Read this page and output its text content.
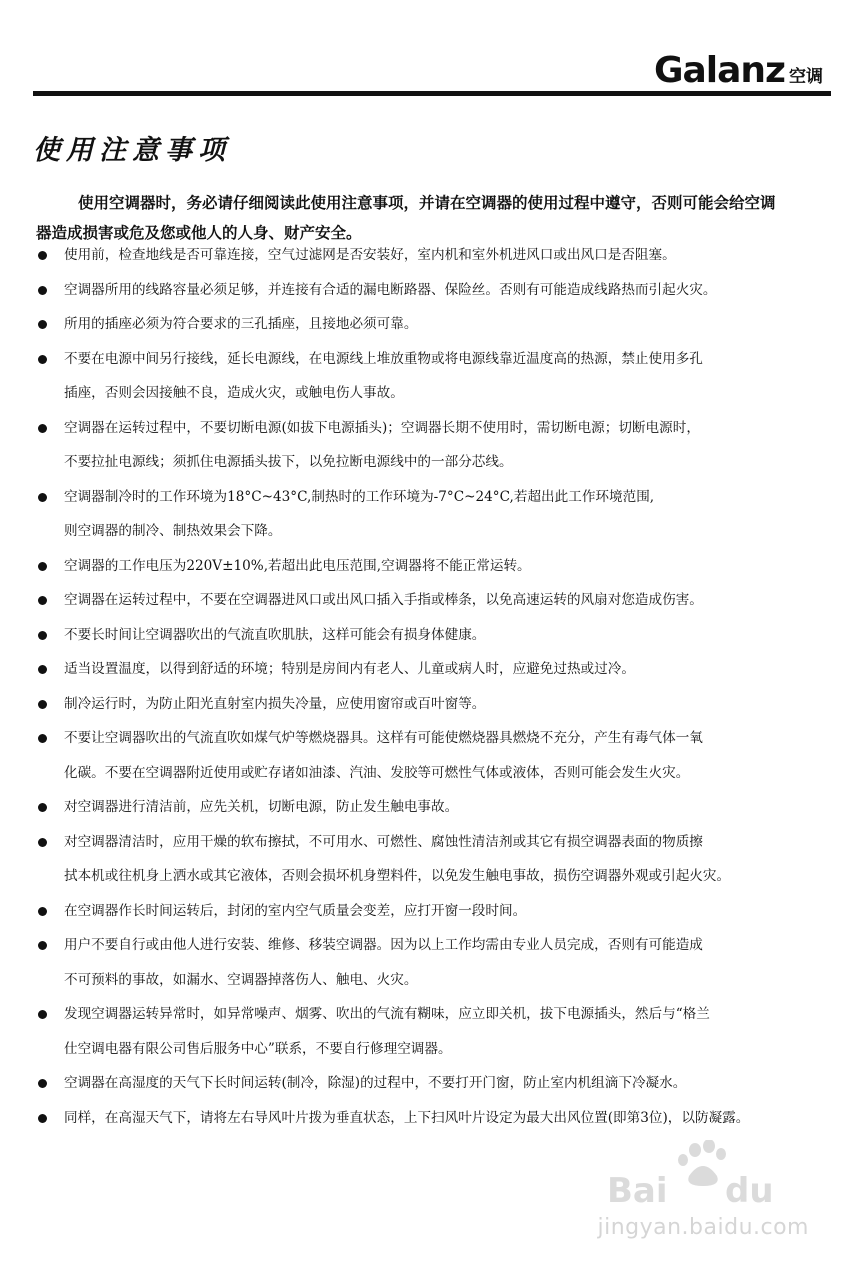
Galanz 空调
使用注意事项

使用空调器时，务必请仔细阅读此使用注意事项，并请在空调器的使用过程中遵守，否则可能会给空调器造成损害或危及您或他人的人身、财产安全。

使用前，检查地线是否可靠连接，空气过滤网是否安装好，室内机和室外机进风口或出风口是否阻塞。
空调器所用的线路容量必须足够，并连接有合适的漏电断路器、保险丝。否则有可能造成线路热而引起火灾。
所用的插座必须为符合要求的三孔插座，且接地必须可靠。
不要在电源中间另行接线，延长电源线，在电源线上堆放重物或将电源线靠近温度高的热源，禁止使用多孔
插座，否则会因接触不良，造成火灾，或触电伤人事故。
空调器在运转过程中，不要切断电源(如拔下电源插头)；空调器长期不使用时，需切断电源；切断电源时，
不要拉扯电源线；须抓住电源插头拔下，以免拉断电源线中的一部分芯线。
空调器制冷时的工作环境为18°C~43°C,制热时的工作环境为-7°C~24°C,若超出此工作环境范围,
则空调器的制冷、制热效果会下降。
空调器的工作电压为220V±10%,若超出此电压范围,空调器将不能正常运转。
空调器在运转过程中，不要在空调器进风口或出风口插入手指或棒条，以免高速运转的风扇对您造成伤害。
不要长时间让空调器吹出的气流直吹肌肤，这样可能会有损身体健康。
适当设置温度，以得到舒适的环境；特别是房间内有老人、儿童或病人时，应避免过热或过冷。
制冷运行时，为防止阳光直射室内损失冷量，应使用窗帘或百叶窗等。
不要让空调器吹出的气流直吹如煤气炉等燃烧器具。这样有可能使燃烧器具燃烧不充分，产生有毒气体一氧
化碳。不要在空调器附近使用或贮存诸如油漆、汽油、发胶等可燃性气体或液体，否则可能会发生火灾。
对空调器进行清洁前，应先关机，切断电源，防止发生触电事故。
对空调器清洁时，应用干燥的软布擦拭，不可用水、可燃性、腐蚀性清洁剂或其它有损空调器表面的物质擦
拭本机或往机身上洒水或其它液体，否则会损坏机身塑料件，以免发生触电事故，损伤空调器外观或引起火灾。
在空调器作长时间运转后，封闭的室内空气质量会变差，应打开窗一段时间。
用户不要自行或由他人进行安装、维修、移装空调器。因为以上工作均需由专业人员完成，否则有可能造成
不可预料的事故，如漏水、空调器掉落伤人、触电、火灾。
发现空调器运转异常时，如异常噪声、烟雾、吹出的气流有糊味，应立即关机，拔下电源插头，然后与“格兰
仕空调电器有限公司售后服务中心”联系，不要自行修理空调器。
空调器在高湿度的天气下长时间运转(制冷，除湿)的过程中，不要打开门窗，防止室内机组滴下冷凝水。
同样，在高湿天气下，请将左右导风叶片拨为垂直状态，上下扫风叶片设定为最大出风位置(即第3位)，以防凝露。
Bai du
jingyan.baidu.com
